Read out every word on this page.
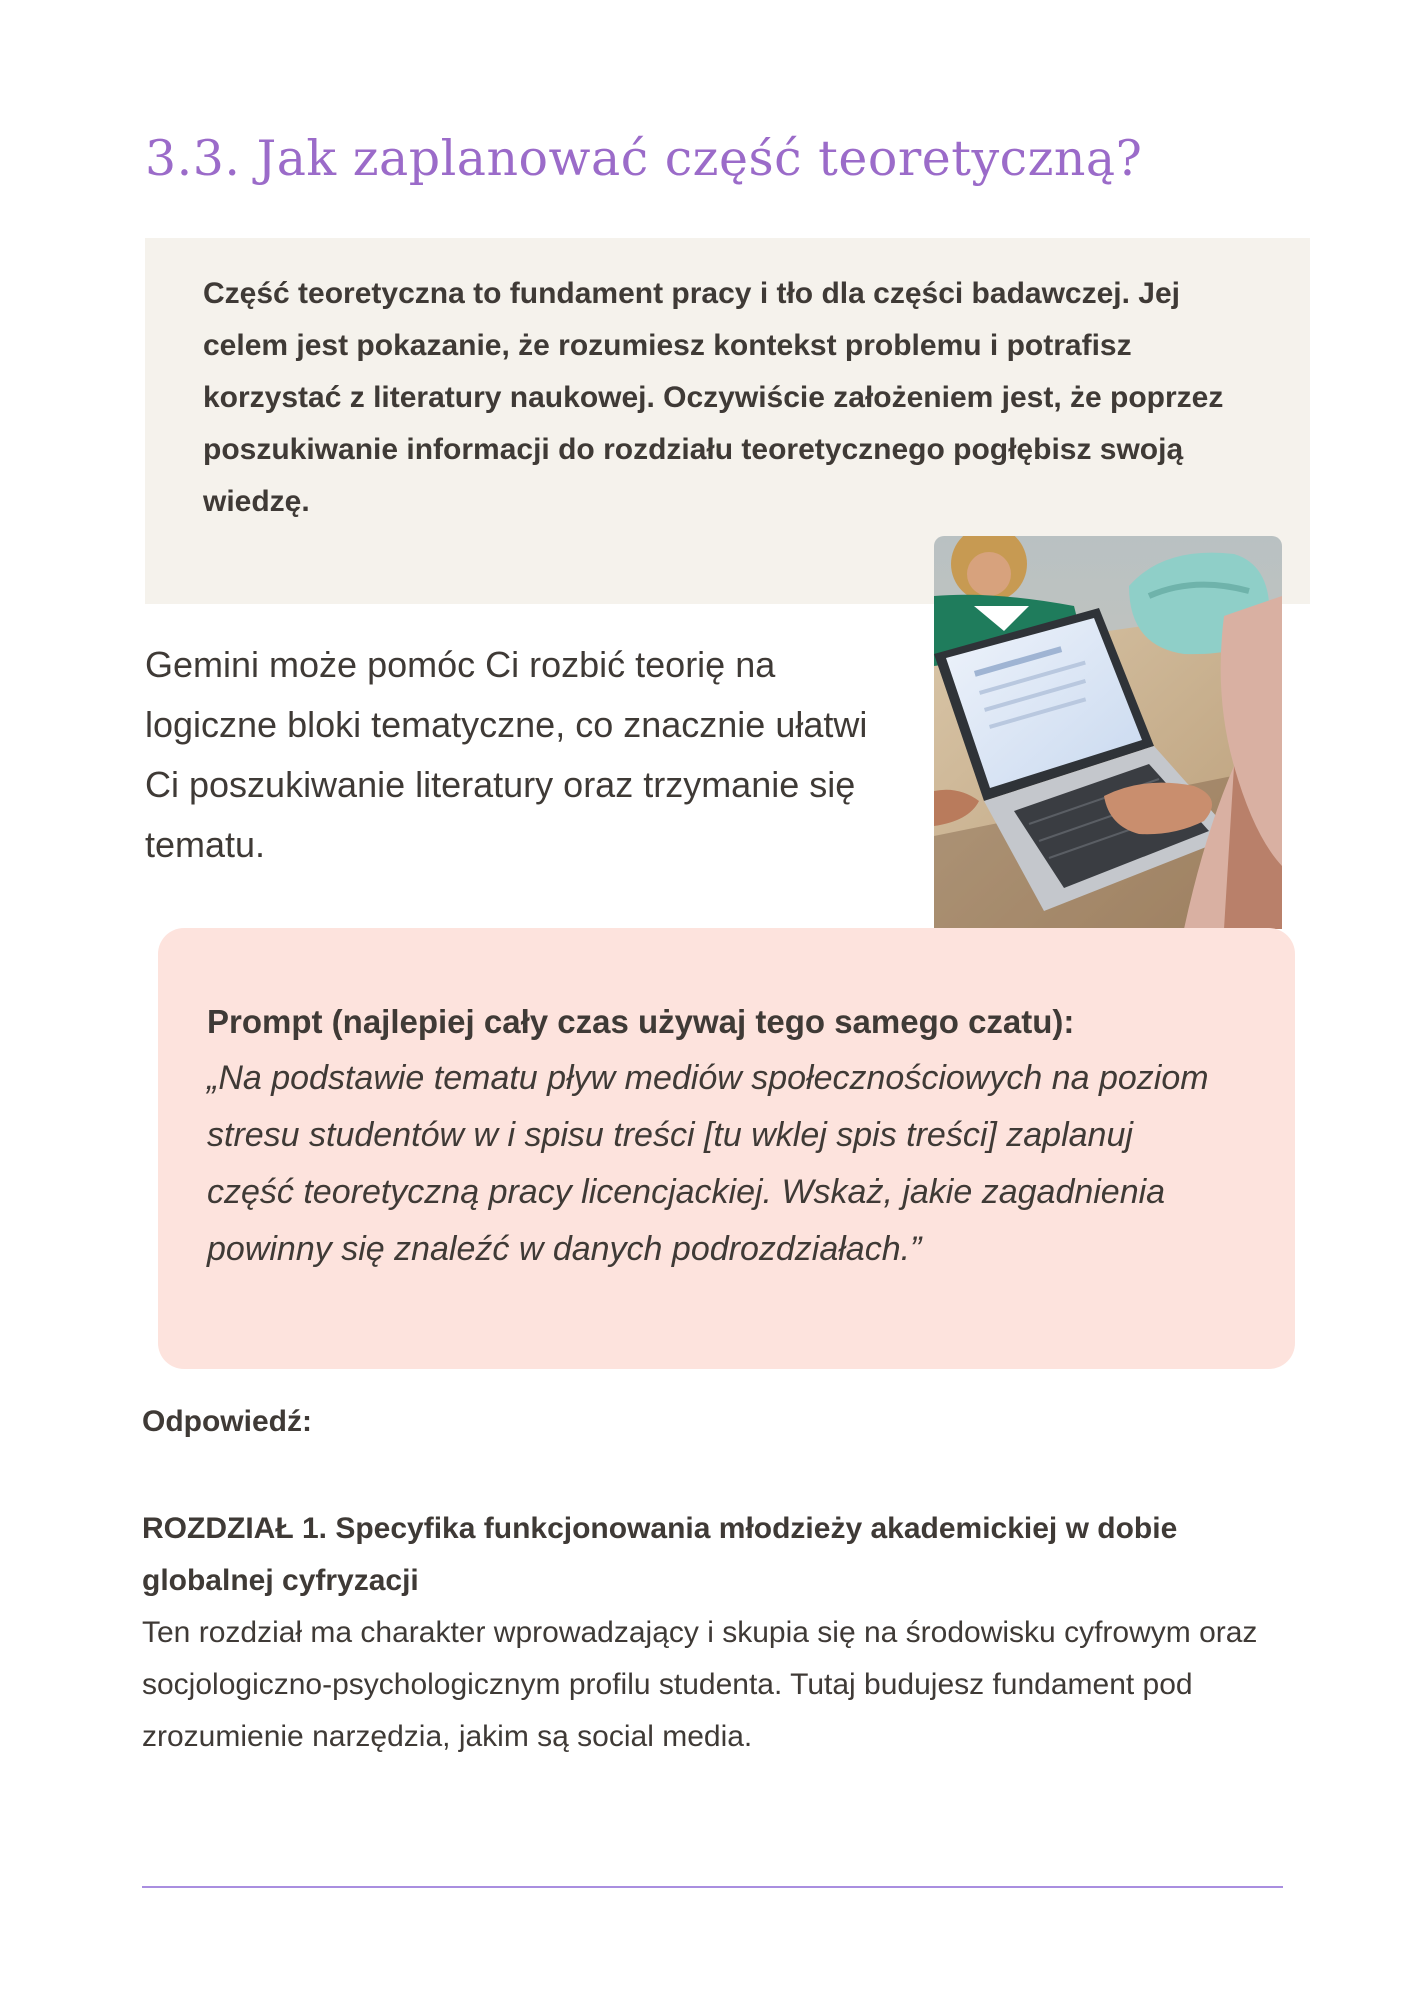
3.3. Jak zaplanować część teoretyczną?

Część teoretyczna to fundament pracy i tło dla części badawczej. Jej celem jest pokazanie, że rozumiesz kontekst problemu i potrafisz korzystać z literatury naukowej. Oczywiście założeniem jest, że poprzez poszukiwanie informacji do rozdziału teoretycznego pogłębisz swoją wiedzę.

Gemini może pomóc Ci rozbić teorię na logiczne bloki tematyczne, co znacznie ułatwi Ci poszukiwanie literatury oraz trzymanie się tematu.

Prompt (najlepiej cały czas używaj tego samego czatu):

„Na podstawie tematu pływ mediów społecznościowych na poziom stresu studentów w i spisu treści [tu wklej spis treści] zaplanuj część teoretyczną pracy licencjackiej. Wskaż, jakie zagadnienia powinny się znaleźć w danych podrozdziałach.”

Odpowiedź:

ROZDZIAŁ 1. Specyfika funkcjonowania młodzieży akademickiej w dobie globalnej cyfryzacji

Ten rozdział ma charakter wprowadzający i skupia się na środowisku cyfrowym oraz socjologiczno-psychologicznym profilu studenta. Tutaj budujesz fundament pod zrozumienie narzędzia, jakim są social media.
